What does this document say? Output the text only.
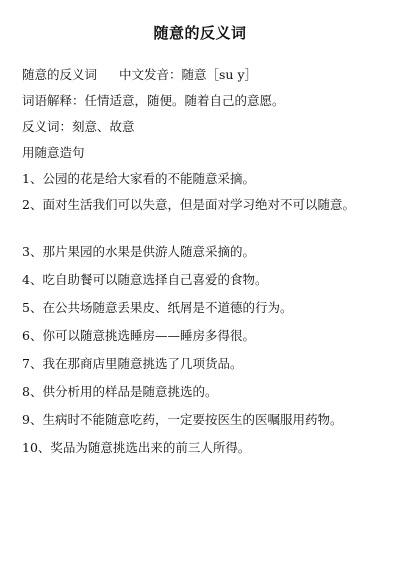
随意的反义词
随意的反义词 中文发音：随意［su y］
词语解释：任情适意，随便。随着自己的意愿。
反义词：刻意、故意
用随意造句
1、公园的花是给大家看的不能随意采摘。
2、面对生活我们可以失意，但是面对学习绝对不可以随意。
3、那片果园的水果是供游人随意采摘的。
4、吃自助餐可以随意选择自己喜爱的食物。
5、在公共场随意丢果皮、纸屑是不道德的行为。
6、你可以随意挑选睡房——睡房多得很。
7、我在那商店里随意挑选了几项货品。
8、供分析用的样品是随意挑选的。
9、生病时不能随意吃药，一定要按医生的医嘱服用药物。
10、奖品为随意挑选出来的前三人所得。
